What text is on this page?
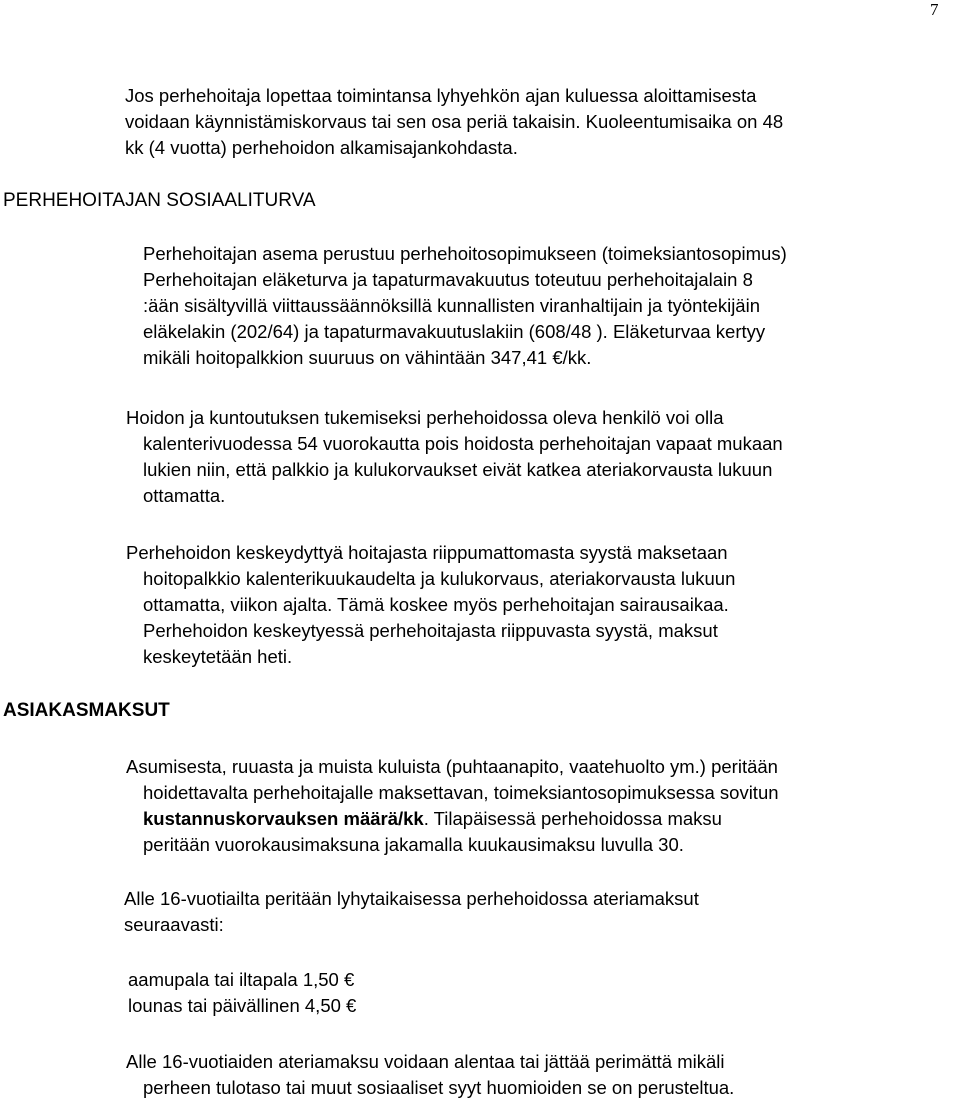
7

Jos perhehoitaja lopettaa toimintansa lyhyehkön ajan kuluessa aloittamisesta
voidaan käynnistämiskorvaus tai sen osa periä takaisin. Kuoleentumisaika on 48
kk (4 vuotta) perhehoidon alkamisajankohdasta.

PERHEHOITAJAN SOSIAALITURVA

Perhehoitajan asema perustuu perhehoitosopimukseen (toimeksiantosopimus)
Perhehoitajan eläketurva ja tapaturmavakuutus toteutuu perhehoitajalain 8
:ään sisältyvillä viittaussäännöksillä kunnallisten viranhaltijain ja työntekijäin
eläkelakin (202/64) ja tapaturmavakuutuslakiin (608/48 ). Eläketurvaa kertyy
mikäli hoitopalkkion suuruus on vähintään 347,41 €/kk.

Hoidon ja kuntoutuksen tukemiseksi perhehoidossa oleva henkilö voi olla
kalenterivuodessa 54 vuorokautta pois hoidosta perhehoitajan vapaat mukaan
lukien niin, että palkkio ja kulukorvaukset eivät katkea ateriakorvausta lukuun
ottamatta.

Perhehoidon keskeydyttyä hoitajasta riippumattomasta syystä maksetaan
hoitopalkkio kalenterikuukaudelta ja kulukorvaus, ateriakorvausta lukuun
ottamatta, viikon ajalta. Tämä koskee myös perhehoitajan sairausaikaa.
Perhehoidon keskeytyessä perhehoitajasta riippuvasta syystä, maksut
keskeytetään heti.

ASIAKASMAKSUT

Asumisesta, ruuasta ja muista kuluista (puhtaanapito, vaatehuolto ym.) peritään
hoidettavalta perhehoitajalle maksettavan, toimeksiantosopimuksessa sovitun
kustannuskorvauksen määrä/kk. Tilapäisessä perhehoidossa maksu
peritään vuorokausimaksuna jakamalla kuukausimaksu luvulla 30.

Alle 16-vuotiailta peritään lyhytaikaisessa perhehoidossa ateriamaksut
seuraavasti:

aamupala tai iltapala 1,50 €
lounas tai päivällinen 4,50 €

Alle 16-vuotiaiden ateriamaksu voidaan alentaa tai jättää perimättä mikäli
perheen tulotaso tai muut sosiaaliset syyt huomioiden se on perusteltua.
